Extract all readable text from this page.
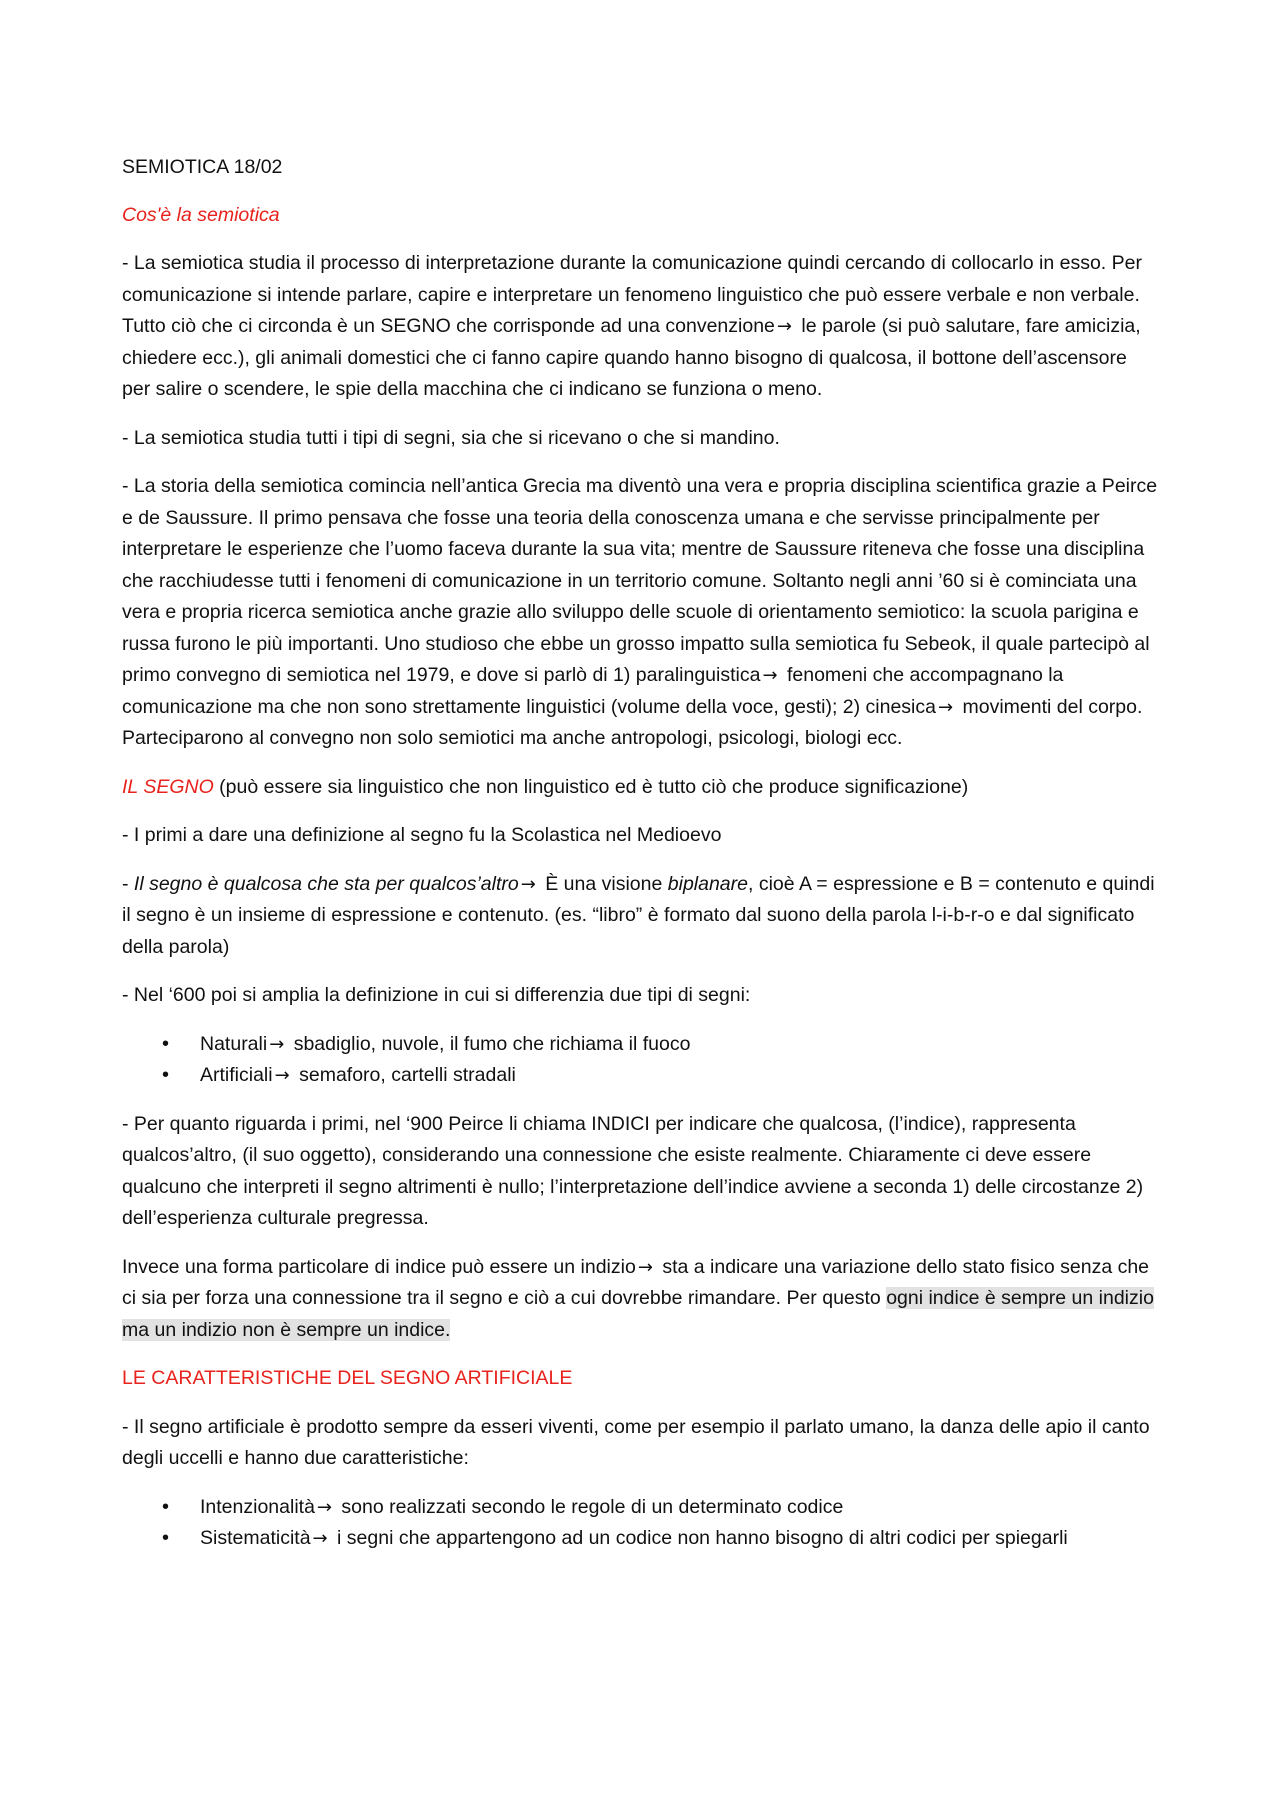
SEMIOTICA 18/02

Cos'è la semiotica

- La semiotica studia il processo di interpretazione durante la comunicazione quindi cercando di collocarlo in esso. Per comunicazione si intende parlare, capire e interpretare un fenomeno linguistico che può essere verbale e non verbale. Tutto ciò che ci circonda è un SEGNO che corrisponde ad una convenzione → le parole (si può salutare, fare amicizia, chiedere ecc.), gli animali domestici che ci fanno capire quando hanno bisogno di qualcosa, il bottone dell’ascensore per salire o scendere, le spie della macchina che ci indicano se funziona o meno.

- La semiotica studia tutti i tipi di segni, sia che si ricevano o che si mandino.

- La storia della semiotica comincia nell’antica Grecia ma diventò una vera e propria disciplina scientifica grazie a Peirce e de Saussure. Il primo pensava che fosse una teoria della conoscenza umana e che servisse principalmente per interpretare le esperienze che l’uomo faceva durante la sua vita; mentre de Saussure riteneva che fosse una disciplina che racchiudesse tutti i fenomeni di comunicazione in un territorio comune. Soltanto negli anni ’60 si è cominciata una vera e propria ricerca semiotica anche grazie allo sviluppo delle scuole di orientamento semiotico: la scuola parigina e russa furono le più importanti. Uno studioso che ebbe un grosso impatto sulla semiotica fu Sebeok, il quale partecipò al primo convegno di semiotica nel 1979, e dove si parlò di 1) paralinguistica → fenomeni che accompagnano la comunicazione ma che non sono strettamente linguistici (volume della voce, gesti); 2) cinesica → movimenti del corpo. Parteciparono al convegno non solo semiotici ma anche antropologi, psicologi, biologi ecc.

IL SEGNO (può essere sia linguistico che non linguistico ed è tutto ciò che produce significazione)

- I primi a dare una definizione al segno fu la Scolastica nel Medioevo

- Il segno è qualcosa che sta per qualcos’altro → È una visione biplanare, cioè A = espressione e B = contenuto e quindi il segno è un insieme di espressione e contenuto. (es. “libro” è formato dal suono della parola l-i-b-r-o e dal significato della parola)

- Nel ‘600 poi si amplia la definizione in cui si differenzia due tipi di segni:

• Naturali → sbadiglio, nuvole, il fumo che richiama il fuoco
• Artificiali → semaforo, cartelli stradali

- Per quanto riguarda i primi, nel ‘900 Peirce li chiama INDICI per indicare che qualcosa, (l’indice), rappresenta qualcos’altro, (il suo oggetto), considerando una connessione che esiste realmente. Chiaramente ci deve essere qualcuno che interpreti il segno altrimenti è nullo; l’interpretazione dell’indice avviene a seconda 1) delle circostanze 2) dell’esperienza culturale pregressa.

Invece una forma particolare di indice può essere un indizio → sta a indicare una variazione dello stato fisico senza che ci sia per forza una connessione tra il segno e ciò a cui dovrebbe rimandare. Per questo ogni indice è sempre un indizio ma un indizio non è sempre un indice.

LE CARATTERISTICHE DEL SEGNO ARTIFICIALE

- Il segno artificiale è prodotto sempre da esseri viventi, come per esempio il parlato umano, la danza delle apio il canto degli uccelli e hanno due caratteristiche:

• Intenzionalità → sono realizzati secondo le regole di un determinato codice
• Sistematicità → i segni che appartengono ad un codice non hanno bisogno di altri codici per spiegarli
